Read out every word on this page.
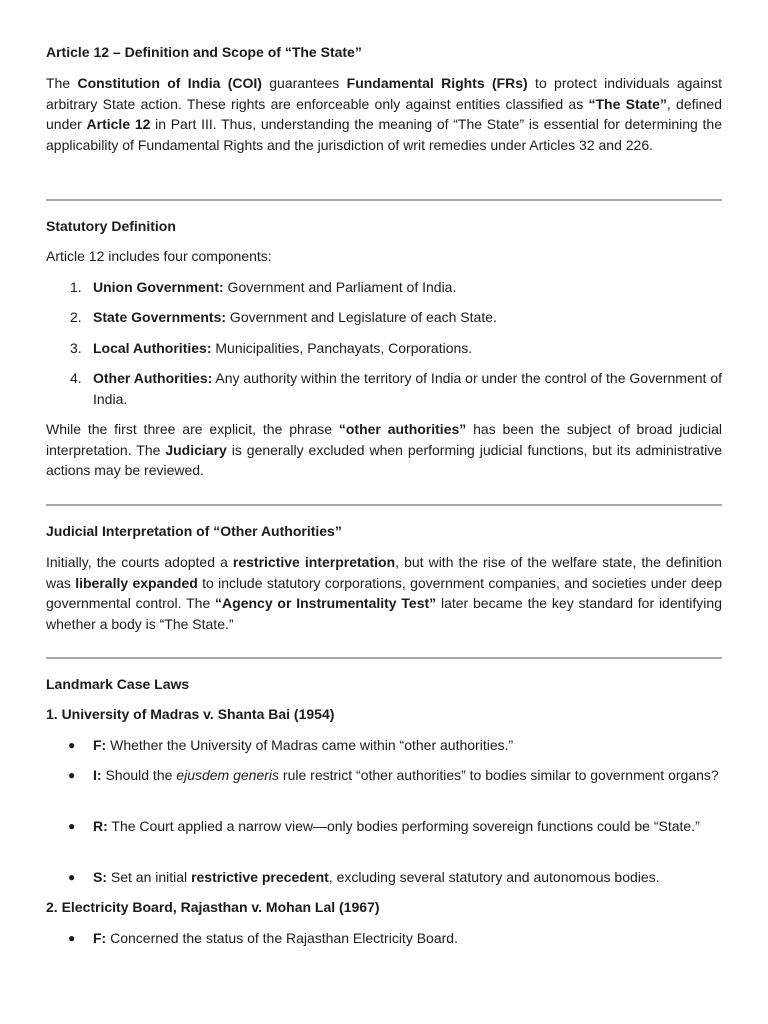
Article 12 – Definition and Scope of “The State”
The Constitution of India (COI) guarantees Fundamental Rights (FRs) to protect individuals against arbitrary State action. These rights are enforceable only against entities classified as “The State”, defined under Article 12 in Part III. Thus, understanding the meaning of “The State” is essential for determining the applicability of Fundamental Rights and the jurisdiction of writ remedies under Articles 32 and 226.
Statutory Definition
Article 12 includes four components:
1. Union Government: Government and Parliament of India.
2. State Governments: Government and Legislature of each State.
3. Local Authorities: Municipalities, Panchayats, Corporations.
4. Other Authorities: Any authority within the territory of India or under the control of the Government of India.
While the first three are explicit, the phrase “other authorities” has been the subject of broad judicial interpretation. The Judiciary is generally excluded when performing judicial functions, but its administrative actions may be reviewed.
Judicial Interpretation of “Other Authorities”
Initially, the courts adopted a restrictive interpretation, but with the rise of the welfare state, the definition was liberally expanded to include statutory corporations, government companies, and societies under deep governmental control. The “Agency or Instrumentality Test” later became the key standard for identifying whether a body is “The State.”
Landmark Case Laws
1. University of Madras v. Shanta Bai (1954)
● F: Whether the University of Madras came within “other authorities.”
● I: Should the ejusdem generis rule restrict “other authorities” to bodies similar to government organs?
● R: The Court applied a narrow view—only bodies performing sovereign functions could be “State.”
● S: Set an initial restrictive precedent, excluding several statutory and autonomous bodies.
2. Electricity Board, Rajasthan v. Mohan Lal (1967)
● F: Concerned the status of the Rajasthan Electricity Board.
